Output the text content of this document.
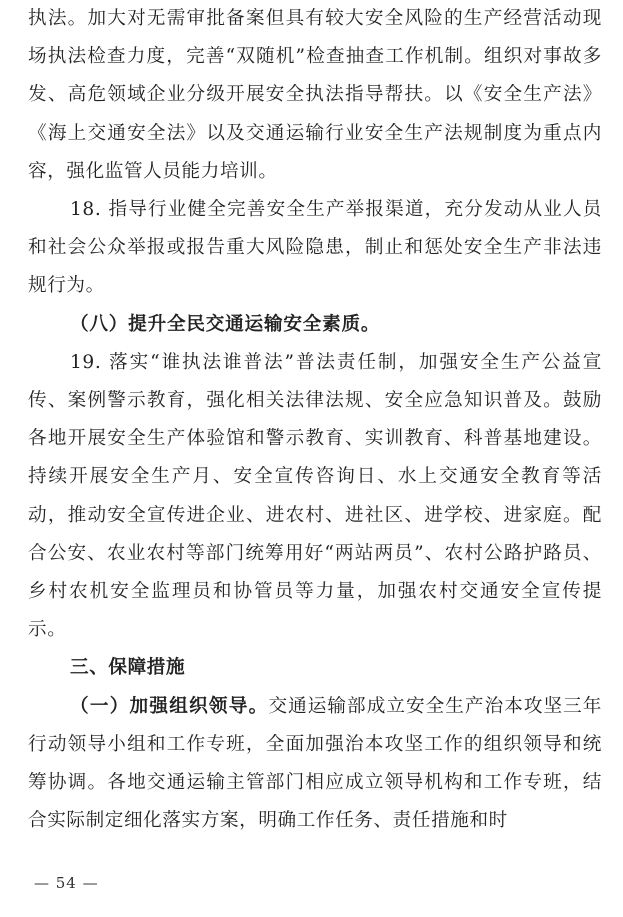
执法。加大对无需审批备案但具有较大安全风险的生产经营活动现场执法检查力度，完善“双随机”检查抽查工作机制。组织对事故多发、高危领域企业分级开展安全执法指导帮扶。以《安全生产法》《海上交通安全法》以及交通运输行业安全生产法规制度为重点内容，强化监管人员能力培训。

18. 指导行业健全完善安全生产举报渠道，充分发动从业人员和社会公众举报或报告重大风险隐患，制止和惩处安全生产非法违规行为。

（八）提升全民交通运输安全素质。

19. 落实“谁执法谁普法”普法责任制，加强安全生产公益宣传、案例警示教育，强化相关法律法规、安全应急知识普及。鼓励各地开展安全生产体验馆和警示教育、实训教育、科普基地建设。持续开展安全生产月、安全宣传咨询日、水上交通安全教育等活动，推动安全宣传进企业、进农村、进社区、进学校、进家庭。配合公安、农业农村等部门统筹用好“两站两员”、农村公路护路员、乡村农机安全监理员和协管员等力量，加强农村交通安全宣传提示。

三、保障措施

（一）加强组织领导。交通运输部成立安全生产治本攻坚三年行动领导小组和工作专班，全面加强治本攻坚工作的组织领导和统筹协调。各地交通运输主管部门相应成立领导机构和工作专班，结合实际制定细化落实方案，明确工作任务、责任措施和时

— 54 —
